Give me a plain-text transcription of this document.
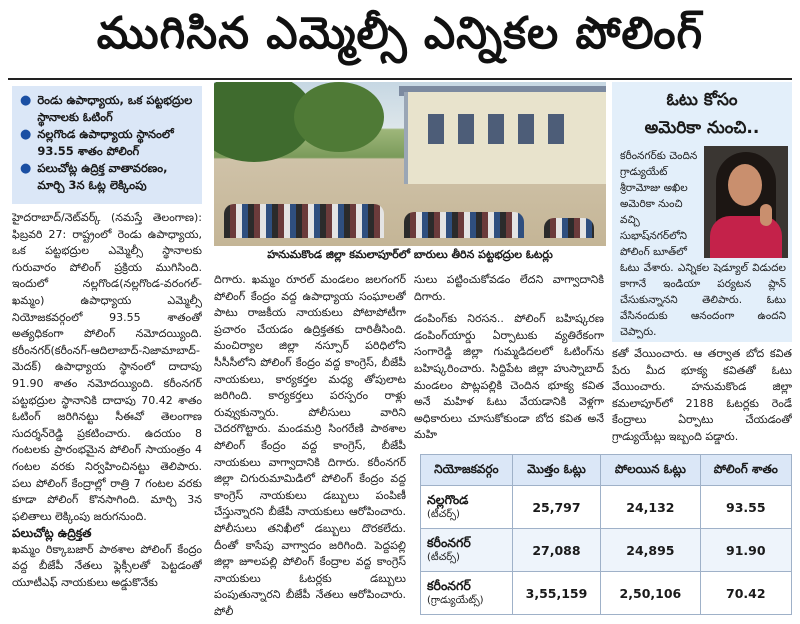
ముగిసిన ఎమ్మెల్సీ ఎన్నికల పోలింగ్
● రెండు ఉపాధ్యాయ, ఒక పట్టభద్రుల స్థానాలకు ఓటింగ్
● నల్లగొండ ఉపాధ్యాయ స్థానంలో 93.55 శాతం పోలింగ్
● పలుచోట్ల ఉద్రిక్త వాతావరణం, మార్చి 3న ఓట్ల లెక్కింపు

హైదరాబాద్/నెట్‌వర్క్ (నమస్తే తెలంగాణ): ఫిబ్రవరి 27: రాష్ట్రంలో రెండు ఉపాధ్యాయ, ఒక పట్టభద్రుల ఎమ్మెల్సీ స్థానాలకు గురువారం పోలింగ్ ప్రక్రియ ముగిసింది. ఇందులో నల్లగొండ(నల్లగొండ-వరంగల్-ఖమ్మం) ఉపాధ్యాయ ఎమ్మెల్సీ నియోజకవర్గంలో 93.55 శాతంతో అత్యధికంగా పోలింగ్ నమోదయ్యింది. కరీంనగర్(కరీంనగ్-ఆదిలాబాద్-నిజామాబాద్-మెదక్) ఉపాధ్యాయ స్థానంలో దాదాపు 91.90 శాతం నమోదయ్యింది. కరీంనగర్ పట్టభద్రుల స్థానానికి దాదాపు 70.42 శాతం ఓటింగ్ జరిగినట్టు సీఈవో తెలంగాణ సుదర్శన్‌రెడ్డి ప్రకటించారు. ఉదయం 8 గంటలకు ప్రారంభమైన పోలింగ్ సాయంత్రం 4 గంటల వరకు నిర్వహించినట్టు తెలిపారు. పలు పోలింగ్ కేంద్రాల్లో రాత్రి 7 గంటల వరకు కూడా పోలింగ్ కొనసాగింది. మార్చి 3న ఫలితాలు లెక్కింపు జరుగనుంది.

పలుచోట్ల ఉద్రిక్తత

ఖమ్మం రిక్కాబజార్ పాఠశాల పోలింగ్ కేంద్రం వద్ద బీజేపీ నేతలు ఫ్లెక్సీలతో పెట్టడంతో యూటీఎఫ్ నాయకులు అడ్డుకొనేకు

హనుమకొండ జిల్లా కమలాపూర్‌లో బారులు తీరిన పట్టభద్రుల ఓటర్లు

దిగారు. ఖమ్మం రూరల్ మండలం జలగంగర్ పోలింగ్ కేంద్రం వద్ద ఉపాధ్యాయ సంఘాలతో పాటు రాజకీయ నాయకులు పోటాపోటీగా ప్రచారం చేయడం ఉద్రిక్తతకు దారితీసింది. మంచిర్యాల జిల్లా నస్పూర్ పరిధిలోని సీసీసీలోని పోలింగ్ కేంద్రం వద్ద కాంగ్రెస్, బీజేపీ నాయకులు, కార్యకర్తల మధ్య తోపులాట జరిగింది. కార్యకర్తలు పరస్పరం రాళ్లు రువ్వుకున్నారు. పోలీసులు వారిని చెదరగొట్టారు. మండమర్రి సింగరేణి పాఠశాల పోలింగ్ కేంద్రం వద్ద కాంగ్రెస్, బీజేపీ నాయకులు వాగ్వాదానికి దిగారు. కరీంనగర్ జిల్లా చిగురుమామిడిలో పోలింగ్ కేంద్రం వద్ద కాంగ్రెస్ నాయకులు డబ్బులు పంపిణీ చేస్తున్నారని బీజేపీ నాయకులు ఆరోపించారు. పోలీసులు తనిఖీలో డబ్బులు దొరకలేదు. దీంతో కాసేపు వాగ్వాదం జరిగింది. పెద్దపల్లి జిల్లా జూలపల్లి పోలింగ్ కేంద్రాల వద్ద కాంగ్రెస్ నాయకులు ఓటర్లకు డబ్బులు పంపుతున్నారని బీజేపీ నేతలు ఆరోపించారు. పోలీ

సులు పట్టించుకోవడం లేదని వాగ్వాదానికి దిగారు.

డంపింగ్‌కు నిరసన.. పోలింగ్ బహిష్కరణ డంపింగ్‌యార్డు ఏర్పాటుకు వ్యతిరేకంగా సంగారెడ్డి జిల్లా గుమ్మడిదలలో ఓటింగ్‌ను బహిష్కరించారు. సిద్దిపేట జిల్లా హుస్నాబాద్ మండలం పొట్లపల్లికి చెందిన భూక్య కవిత అనే మహిళ ఓటు వేయడానికి వెళ్లగా అధికారులు చూసుకోకుండా బోద కవిత అనే మహి

ఓటు కోసం
అమెరికా నుంచి..
కరీంనగర్‌కు చెందిన గ్రాడ్యుయేట్ శ్రీరామోజు అఖిల అమెరికా నుంచి వచ్చి సుభాష్‌నగర్‌లోని పోలింగ్ బూత్‌లో
ఓటు వేశారు. ఎన్నికల షెడ్యూల్ విడుదల కాగానే ఇండియా పర్యటన ప్లాన్ చేసుకున్నానని తెలిపారు. ఓటు వేసినందుకు ఆనందంగా ఉందని చెప్పారు.

కతో వేయించారు. ఆ తర్వాత బోద కవిత పేరు మీద భూక్య కవితతో ఓటు వేయించారు. హనుమకొండ జిల్లా కమలాపూర్‌లో 2188 ఓటర్లకు రెండే కేంద్రాలు ఏర్పాటు చేయడంతో గ్రాడ్యుయేట్లు ఇబ్బంది పడ్డారు.

నియోజకవర్గం	మొత్తం ఓట్లు	పోలయిన ఓట్లు	పోలింగ్ శాతం
నల్లగొండ
(టీచర్స్)	25,797	24,132	93.55
కరీంనగర్
(టీచర్స్)	27,088	24,895	91.90
కరీంనగర్
(గ్రాడ్యుయేట్స్)	3,55,159	2,50,106	70.42
